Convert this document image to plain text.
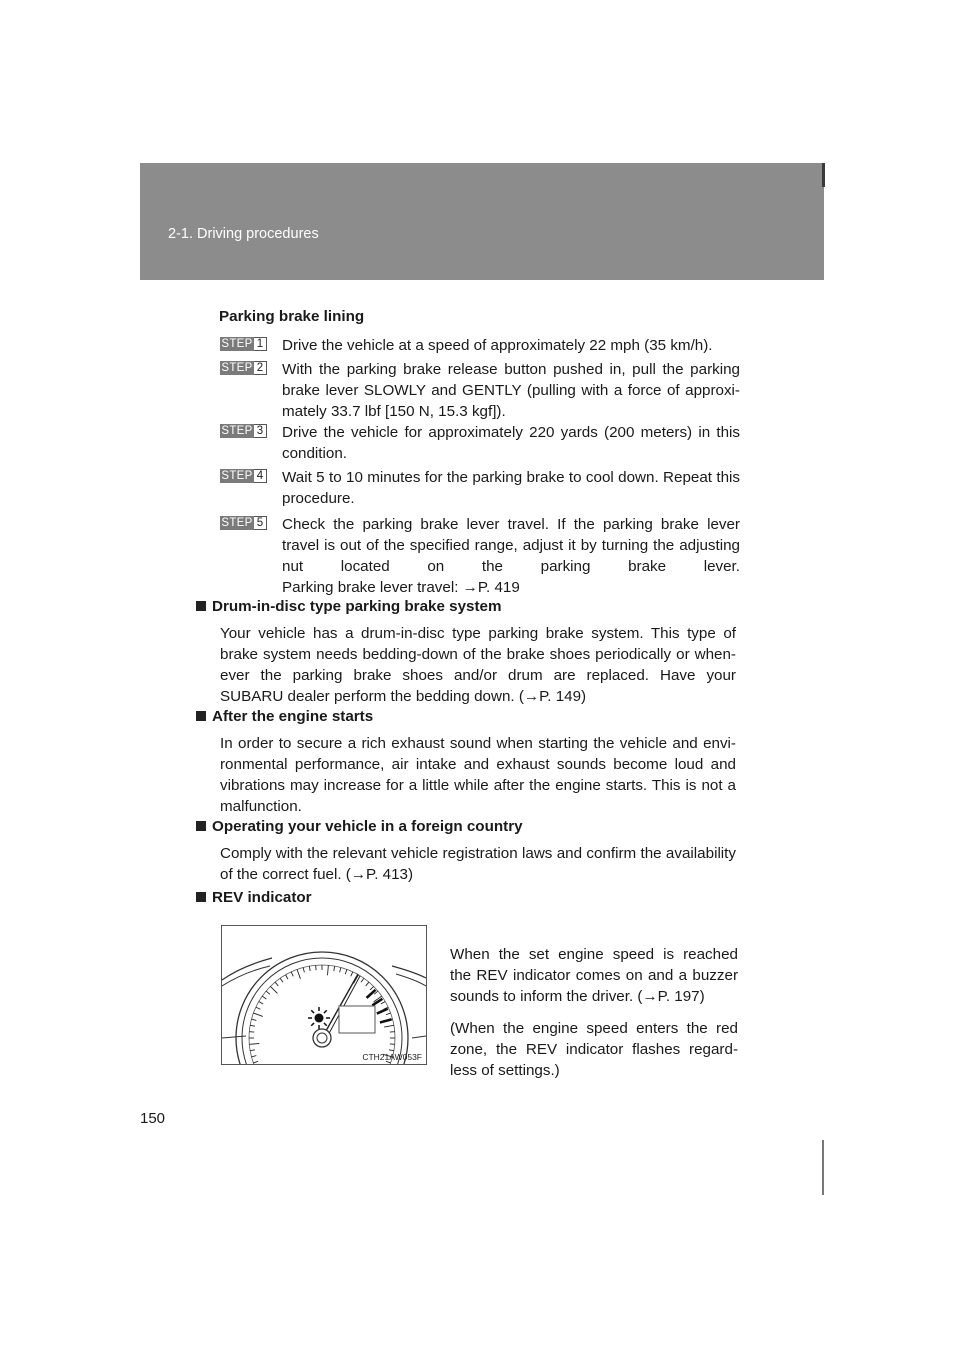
2-1. Driving procedures
Parking brake lining
STEP 1 Drive the vehicle at a speed of approximately 22 mph (35 km/h).
STEP 2 With the parking brake release button pushed in, pull the parking
brake lever SLOWLY and GENTLY (pulling with a force of approxi-
mately 33.7 lbf [150 N, 15.3 kgf]).
STEP 3 Drive the vehicle for approximately 220 yards (200 meters) in this
condition.
STEP 4 Wait 5 to 10 minutes for the parking brake to cool down. Repeat this
procedure.
STEP 5 Check the parking brake lever travel. If the parking brake lever
travel is out of the specified range, adjust it by turning the adjusting
nut located on the parking brake lever.
Parking brake lever travel: →P. 419
Drum-in-disc type parking brake system
Your vehicle has a drum-in-disc type parking brake system. This type of
brake system needs bedding-down of the brake shoes periodically or when-
ever the parking brake shoes and/or drum are replaced. Have your
SUBARU dealer perform the bedding down. (→P. 149)
After the engine starts
In order to secure a rich exhaust sound when starting the vehicle and envi-
ronmental performance, air intake and exhaust sounds become loud and
vibrations may increase for a little while after the engine starts. This is not a
malfunction.
Operating your vehicle in a foreign country
Comply with the relevant vehicle registration laws and confirm the availability
of the correct fuel. (→P. 413)
REV indicator
CTH21AW053F
When the set engine speed is reached
the REV indicator comes on and a buzzer
sounds to inform the driver. (→P. 197)
(When the engine speed enters the red
zone, the REV indicator flashes regard-
less of settings.)
150
